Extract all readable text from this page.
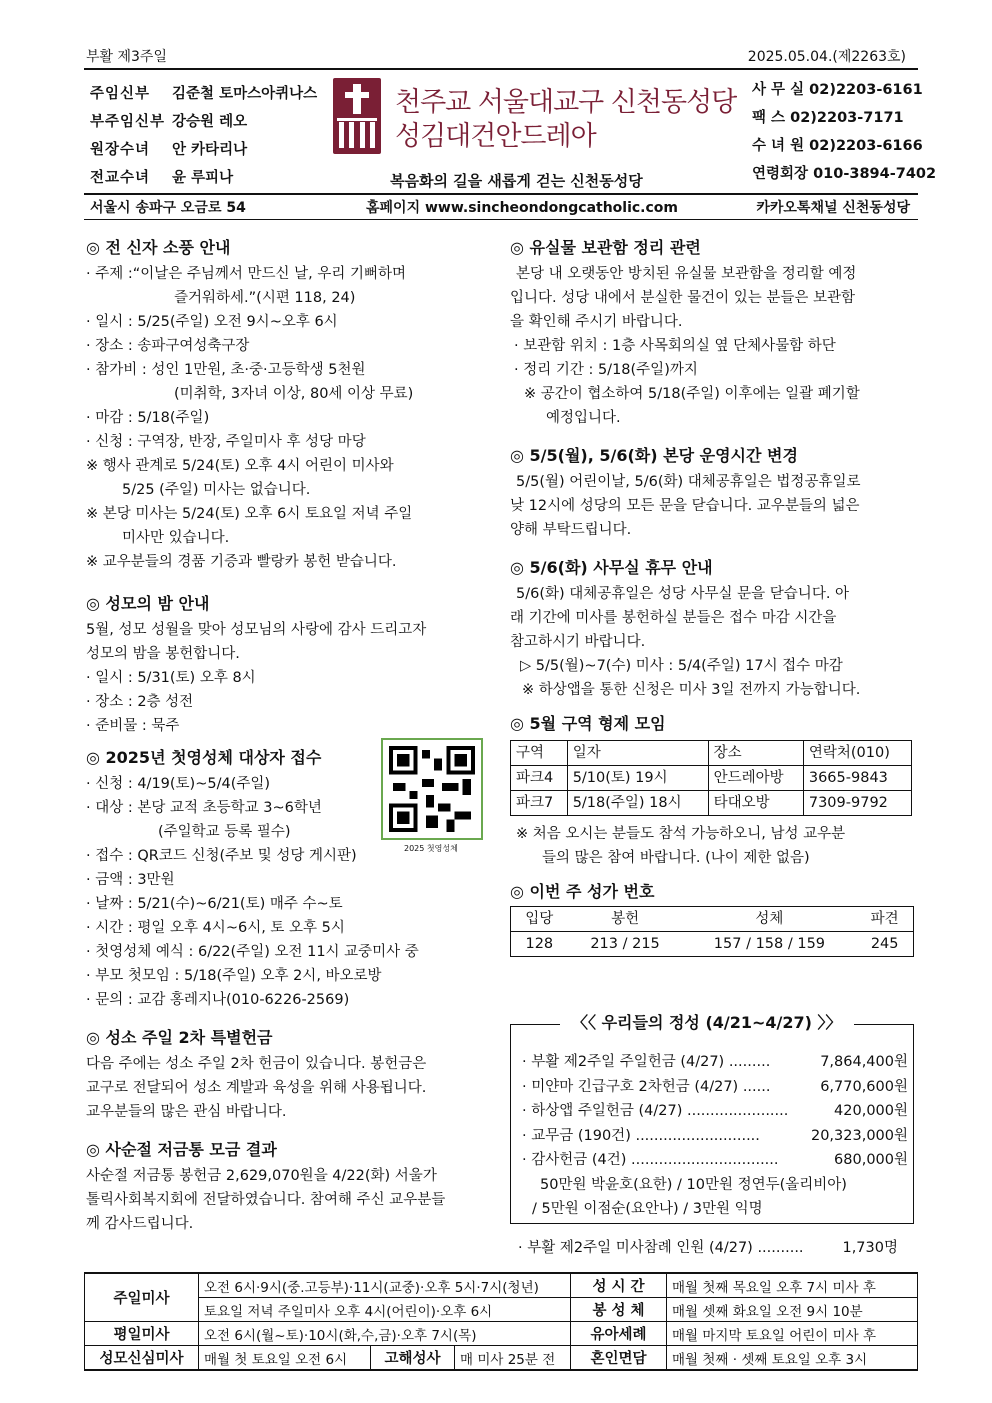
부활 제3주일	2025.05.04.(제2263호)
주임신부 김준철 토마스아퀴나스
부주임신부 강승원 레오
원장수녀 안 카타리나
전교수녀 윤 루피나
천주교 서울대교구 신천동성당
성김대건안드레아
복음화의 길을 새롭게 걷는 신천동성당
사 무 실 02)2203-6161
팩 스 02)2203-7171
수 녀 원 02)2203-6166
연령회장 010-3894-7402
서울시 송파구 오금로 54	홈페이지 www.sincheondongcatholic.com	카카오톡채널 신천동성당
◎ 전 신자 소풍 안내

· 주제 :“이날은 주님께서 만드신 날, 우리 기뻐하며

즐거워하세.”(시편 118, 24)

· 일시 : 5/25(주일) 오전 9시~오후 6시

· 장소 : 송파구여성축구장

· 참가비 : 성인 1만원, 초·중·고등학생 5천원

(미취학, 3자녀 이상, 80세 이상 무료)

· 마감 : 5/18(주일)

· 신청 : 구역장, 반장, 주일미사 후 성당 마당

※ 행사 관계로 5/24(토) 오후 4시 어린이 미사와

5/25 (주일) 미사는 없습니다.

※ 본당 미사는 5/24(토) 오후 6시 토요일 저녁 주일

미사만 있습니다.

※ 교우분들의 경품 기증과 빨랑카 봉헌 받습니다.

◎ 성모의 밤 안내

5월, 성모 성월을 맞아 성모님의 사랑에 감사 드리고자

성모의 밤을 봉헌합니다.

· 일시 : 5/31(토) 오후 8시

· 장소 : 2층 성전

· 준비물 : 묵주

◎ 2025년 첫영성체 대상자 접수

· 신청 : 4/19(토)~5/4(주일)

· 대상 : 본당 교적 초등학교 3~6학년

(주일학교 등록 필수)

· 접수 : QR코드 신청(주보 및 성당 게시판)

· 금액 : 3만원

· 날짜 : 5/21(수)~6/21(토) 매주 수~토

· 시간 : 평일 오후 4시~6시, 토 오후 5시

· 첫영성체 예식 : 6/22(주일) 오전 11시 교중미사 중

· 부모 첫모임 : 5/18(주일) 오후 2시, 바오로방

· 문의 : 교감 홍레지나(010-6226-2569)

◎ 성소 주일 2차 특별헌금

다음 주에는 성소 주일 2차 헌금이 있습니다. 봉헌금은

교구로 전달되어 성소 계발과 육성을 위해 사용됩니다.

교우분들의 많은 관심 바랍니다.

◎ 사순절 저금통 모금 결과

사순절 저금통 봉헌금 2,629,070원을 4/22(화) 서울가

톨릭사회복지회에 전달하였습니다. 참여해 주신 교우분들

께 감사드립니다.

2025 첫영성체
◎ 유실물 보관함 정리 관련

본당 내 오랫동안 방치된 유실물 보관함을 정리할 예정

입니다. 성당 내에서 분실한 물건이 있는 분들은 보관함

을 확인해 주시기 바랍니다.

· 보관함 위치 : 1층 사목회의실 옆 단체사물함 하단

· 정리 기간 : 5/18(주일)까지

※ 공간이 협소하여 5/18(주일) 이후에는 일괄 폐기할

예정입니다.

◎ 5/5(월), 5/6(화) 본당 운영시간 변경

5/5(월) 어린이날, 5/6(화) 대체공휴일은 법정공휴일로

낮 12시에 성당의 모든 문을 닫습니다. 교우분들의 넓은

양해 부탁드립니다.

◎ 5/6(화) 사무실 휴무 안내

5/6(화) 대체공휴일은 성당 사무실 문을 닫습니다. 아

래 기간에 미사를 봉헌하실 분들은 접수 마감 시간을

참고하시기 바랍니다.

▷ 5/5(월)~7(수) 미사 : 5/4(주일) 17시 접수 마감

※ 하상앱을 통한 신청은 미사 3일 전까지 가능합니다.

◎ 5월 구역 형제 모임
구역	일자	장소	연락처(010)
파크4	5/10(토) 19시	안드레아방	3665-9843
파크7	5/18(주일) 18시	타대오방	7309-9792

※ 처음 오시는 분들도 참석 가능하오니, 남성 교우분

들의 많은 참여 바랍니다. (나이 제한 없음)

◎ 이번 주 성가 번호
입당	봉헌	성체	파견
128	213 / 215	157 / 158 / 159	245
〈〈 우리들의 정성 (4/21~4/27) 〉〉
· 부활 제2주일 주일헌금 (4/27) .........	7,864,400원
· 미얀마 긴급구호 2차헌금 (4/27) ......	6,770,600원
· 하상앱 주일헌금 (4/27) ......................	420,000원
· 교무금 (190건) ...........................	20,323,000원
· 감사헌금 (4건) ................................	680,000원
50만원 박윤호(요한) / 10만원 정연두(올리비아)
/ 5만원 이점순(요안나) / 3만원 익명
· 부활 제2주일 미사참례 인원 (4/27) ..........	1,730명
주일미사	오전 6시·9시(중.고등부)·11시(교중)·오후 5시·7시(청년)			성 시 간	매월 첫째 목요일 오후 7시 미사 후
	토요일 저녁 주일미사 오후 4시(어린이)·오후 6시			봉 성 체	매월 셋째 화요일 오전 9시 10분
평일미사	오전 6시(월~토)·10시(화,수,금)·오후 7시(목)			유아세례	매월 마지막 토요일 어린이 미사 후
성모신심미사	매월 첫 토요일 오전 6시	고해성사	매 미사 25분 전	혼인면담	매월 첫째 · 셋째 토요일 오후 3시
